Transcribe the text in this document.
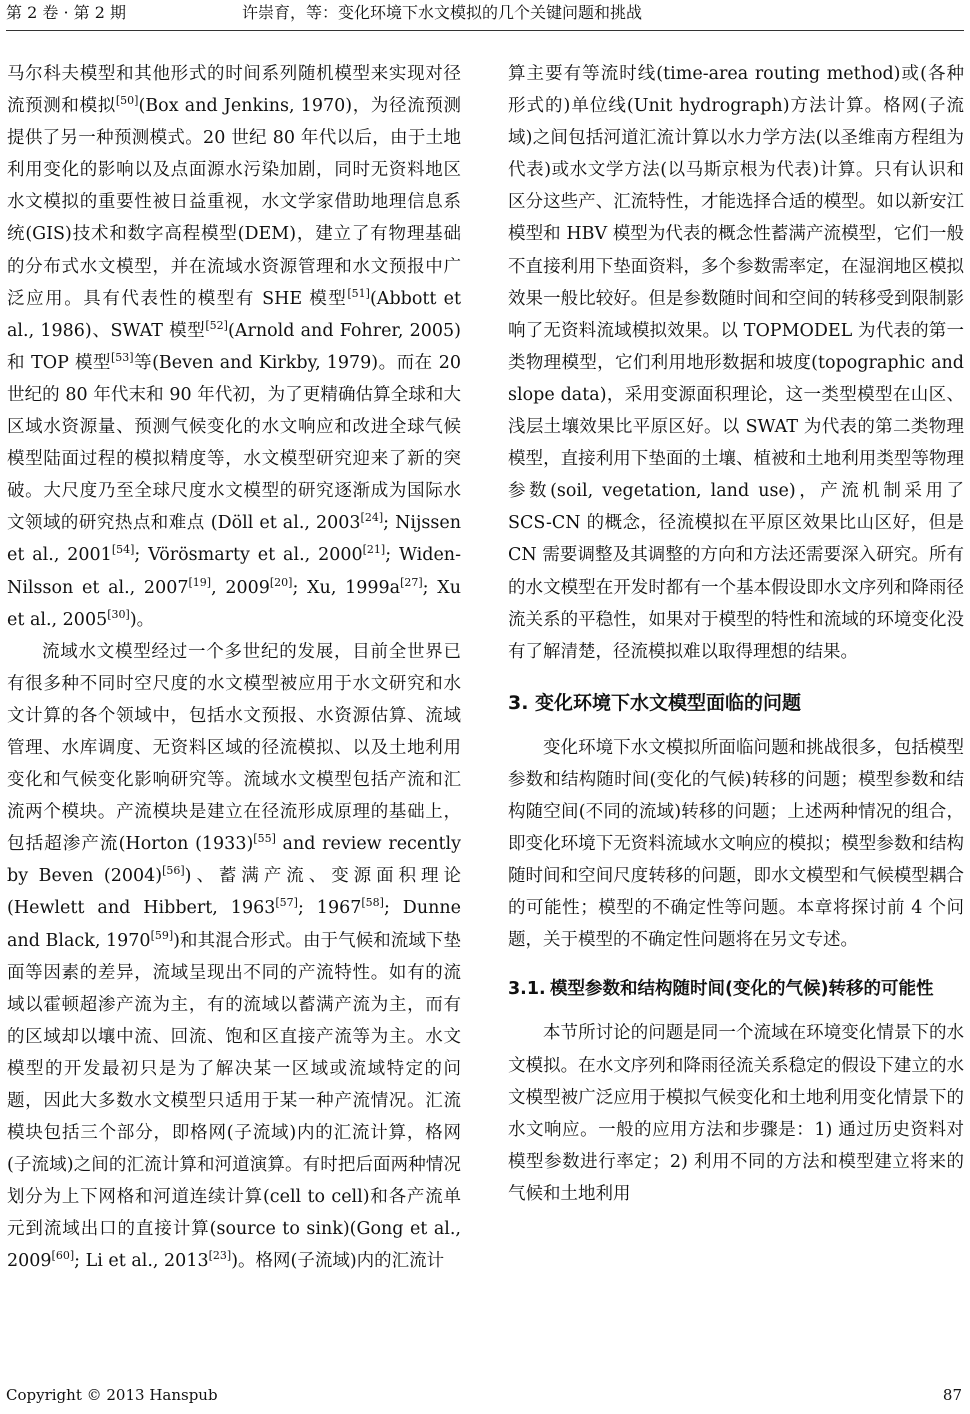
第 2 卷 · 第 2 期	许崇育，等：变化环境下水文模拟的几个关键问题和挑战

马尔科夫模型和其他形式的时间系列随机模型来实现对径流预测和模拟[50](Box and Jenkins, 1970)，为径流预测提供了另一种预测模式。20 世纪 80 年代以后，由于土地利用变化的影响以及点面源水污染加剧，同时无资料地区水文模拟的重要性被日益重视，水文学家借助地理信息系统(GIS)技术和数字高程模型(DEM)，建立了有物理基础的分布式水文模型，并在流域水资源管理和水文预报中广泛应用。具有代表性的模型有 SHE 模型[51](Abbott et al., 1986)、SWAT 模型[52](Arnold and Fohrer, 2005)和 TOP 模型[53]等(Beven and Kirkby, 1979)。而在 20 世纪的 80 年代末和 90 年代初，为了更精确估算全球和大区域水资源量、预测气候变化的水文响应和改进全球气候模型陆面过程的模拟精度等，水文模型研究迎来了新的突破。大尺度乃至全球尺度水文模型的研究逐渐成为国际水文领域的研究热点和难点 (Döll et al., 2003[24]; Nijssen et al., 2001[54]; Vörösmarty et al., 2000[21]; Widen-Nilsson et al., 2007[19], 2009[20]; Xu, 1999a[27]; Xu et al., 2005[30])。

流域水文模型经过一个多世纪的发展，目前全世界已有很多种不同时空尺度的水文模型被应用于水文研究和水文计算的各个领域中，包括水文预报、水资源估算、流域管理、水库调度、无资料区域的径流模拟、以及土地利用变化和气候变化影响研究等。流域水文模型包括产流和汇流两个模块。产流模块是建立在径流形成原理的基础上，包括超渗产流(Horton (1933)[55] and review recently by Beven (2004)[56])、蓄满产流、变源面积理论(Hewlett and Hibbert, 1963[57]; 1967[58]; Dunne and Black, 1970[59])和其混合形式。由于气候和流域下垫面等因素的差异，流域呈现出不同的产流特性。如有的流域以霍顿超渗产流为主，有的流域以蓄满产流为主，而有的区域却以壤中流、回流、饱和区直接产流等为主。水文模型的开发最初只是为了解决某一区域或流域特定的问题，因此大多数水文模型只适用于某一种产流情况。汇流模块包括三个部分，即格网(子流域)内的汇流计算，格网(子流域)之间的汇流计算和河道演算。有时把后面两种情况划分为上下网格和河道连续计算(cell to cell)和各产流单元到流域出口的直接计算(source to sink)(Gong et al., 2009[60]; Li et al., 2013[23])。格网(子流域)内的汇流计

算主要有等流时线(time-area routing method)或(各种形式的)单位线(Unit hydrograph)方法计算。格网(子流域)之间包括河道汇流计算以水力学方法(以圣维南方程组为代表)或水文学方法(以马斯京根为代表)计算。只有认识和区分这些产、汇流特性，才能选择合适的模型。如以新安江模型和 HBV 模型为代表的概念性蓄满产流模型，它们一般不直接利用下垫面资料，多个参数需率定，在湿润地区模拟效果一般比较好。但是参数随时间和空间的转移受到限制影响了无资料流域模拟效果。以 TOPMODEL 为代表的第一类物理模型，它们利用地形数据和坡度(topographic and slope data)，采用变源面积理论，这一类型模型在山区、浅层土壤效果比平原区好。以 SWAT 为代表的第二类物理模型，直接利用下垫面的土壤、植被和土地利用类型等物理参数(soil, vegetation, land use)，产流机制采用了 SCS-CN 的概念，径流模拟在平原区效果比山区好，但是 CN 需要调整及其调整的方向和方法还需要深入研究。所有的水文模型在开发时都有一个基本假设即水文序列和降雨径流关系的平稳性，如果对于模型的特性和流域的环境变化没有了解清楚，径流模拟难以取得理想的结果。

3. 变化环境下水文模型面临的问题

变化环境下水文模拟所面临问题和挑战很多，包括模型参数和结构随时间(变化的气候)转移的问题；模型参数和结构随空间(不同的流域)转移的问题；上述两种情况的组合，即变化环境下无资料流域水文响应的模拟；模型参数和结构随时间和空间尺度转移的问题，即水文模型和气候模型耦合的可能性；模型的不确定性等问题。本章将探讨前 4 个问题，关于模型的不确定性问题将在另文专述。

3.1. 模型参数和结构随时间(变化的气候)转移的可能性

本节所讨论的问题是同一个流域在环境变化情景下的水文模拟。在水文序列和降雨径流关系稳定的假设下建立的水文模型被广泛应用于模拟气候变化和土地利用变化情景下的水文响应。一般的应用方法和步骤是：1) 通过历史资料对模型参数进行率定；2) 利用不同的方法和模型建立将来的气候和土地利用

Copyright © 2013 Hanspub	87
